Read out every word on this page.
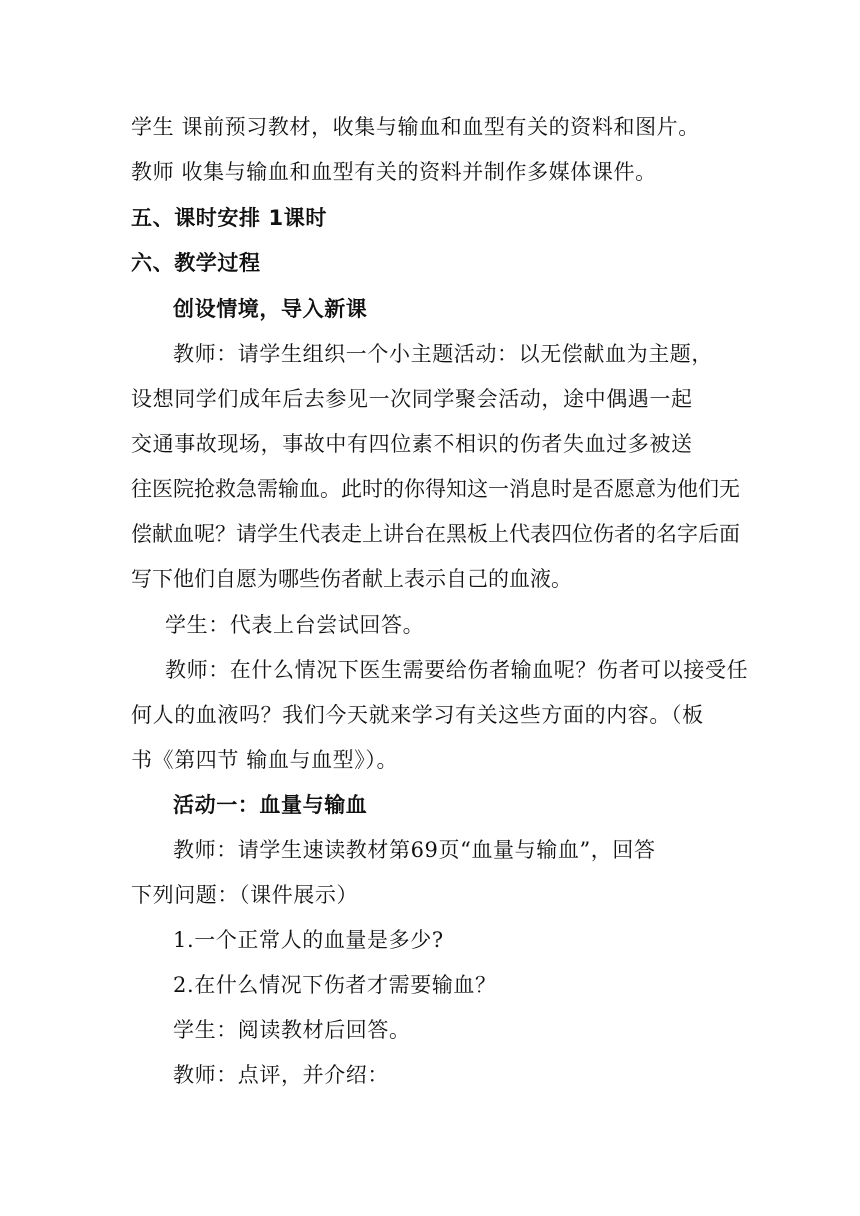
学生 课前预习教材，收集与输血和血型有关的资料和图片。
教师 收集与输血和血型有关的资料并制作多媒体课件。
五、课时安排 1课时
六、教学过程
创设情境，导入新课
教师：请学生组织一个小主题活动：以无偿献血为主题，
设想同学们成年后去参见一次同学聚会活动，途中偶遇一起
交通事故现场，事故中有四位素不相识的伤者失血过多被送
往医院抢救急需输血。此时的你得知这一消息时是否愿意为他们无
偿献血呢？请学生代表走上讲台在黑板上代表四位伤者的名字后面
写下他们自愿为哪些伤者献上表示自己的血液。
学生：代表上台尝试回答。
教师：在什么情况下医生需要给伤者输血呢？伤者可以接受任
何人的血液吗？我们今天就来学习有关这些方面的内容。（板
书《第四节 输血与血型》）。
活动一：血量与输血
教师：请学生速读教材第69页“血量与输血”，回答
下列问题：（课件展示）
1.一个正常人的血量是多少?
2.在什么情况下伤者才需要输血？
学生：阅读教材后回答。
教师：点评，并介绍：
